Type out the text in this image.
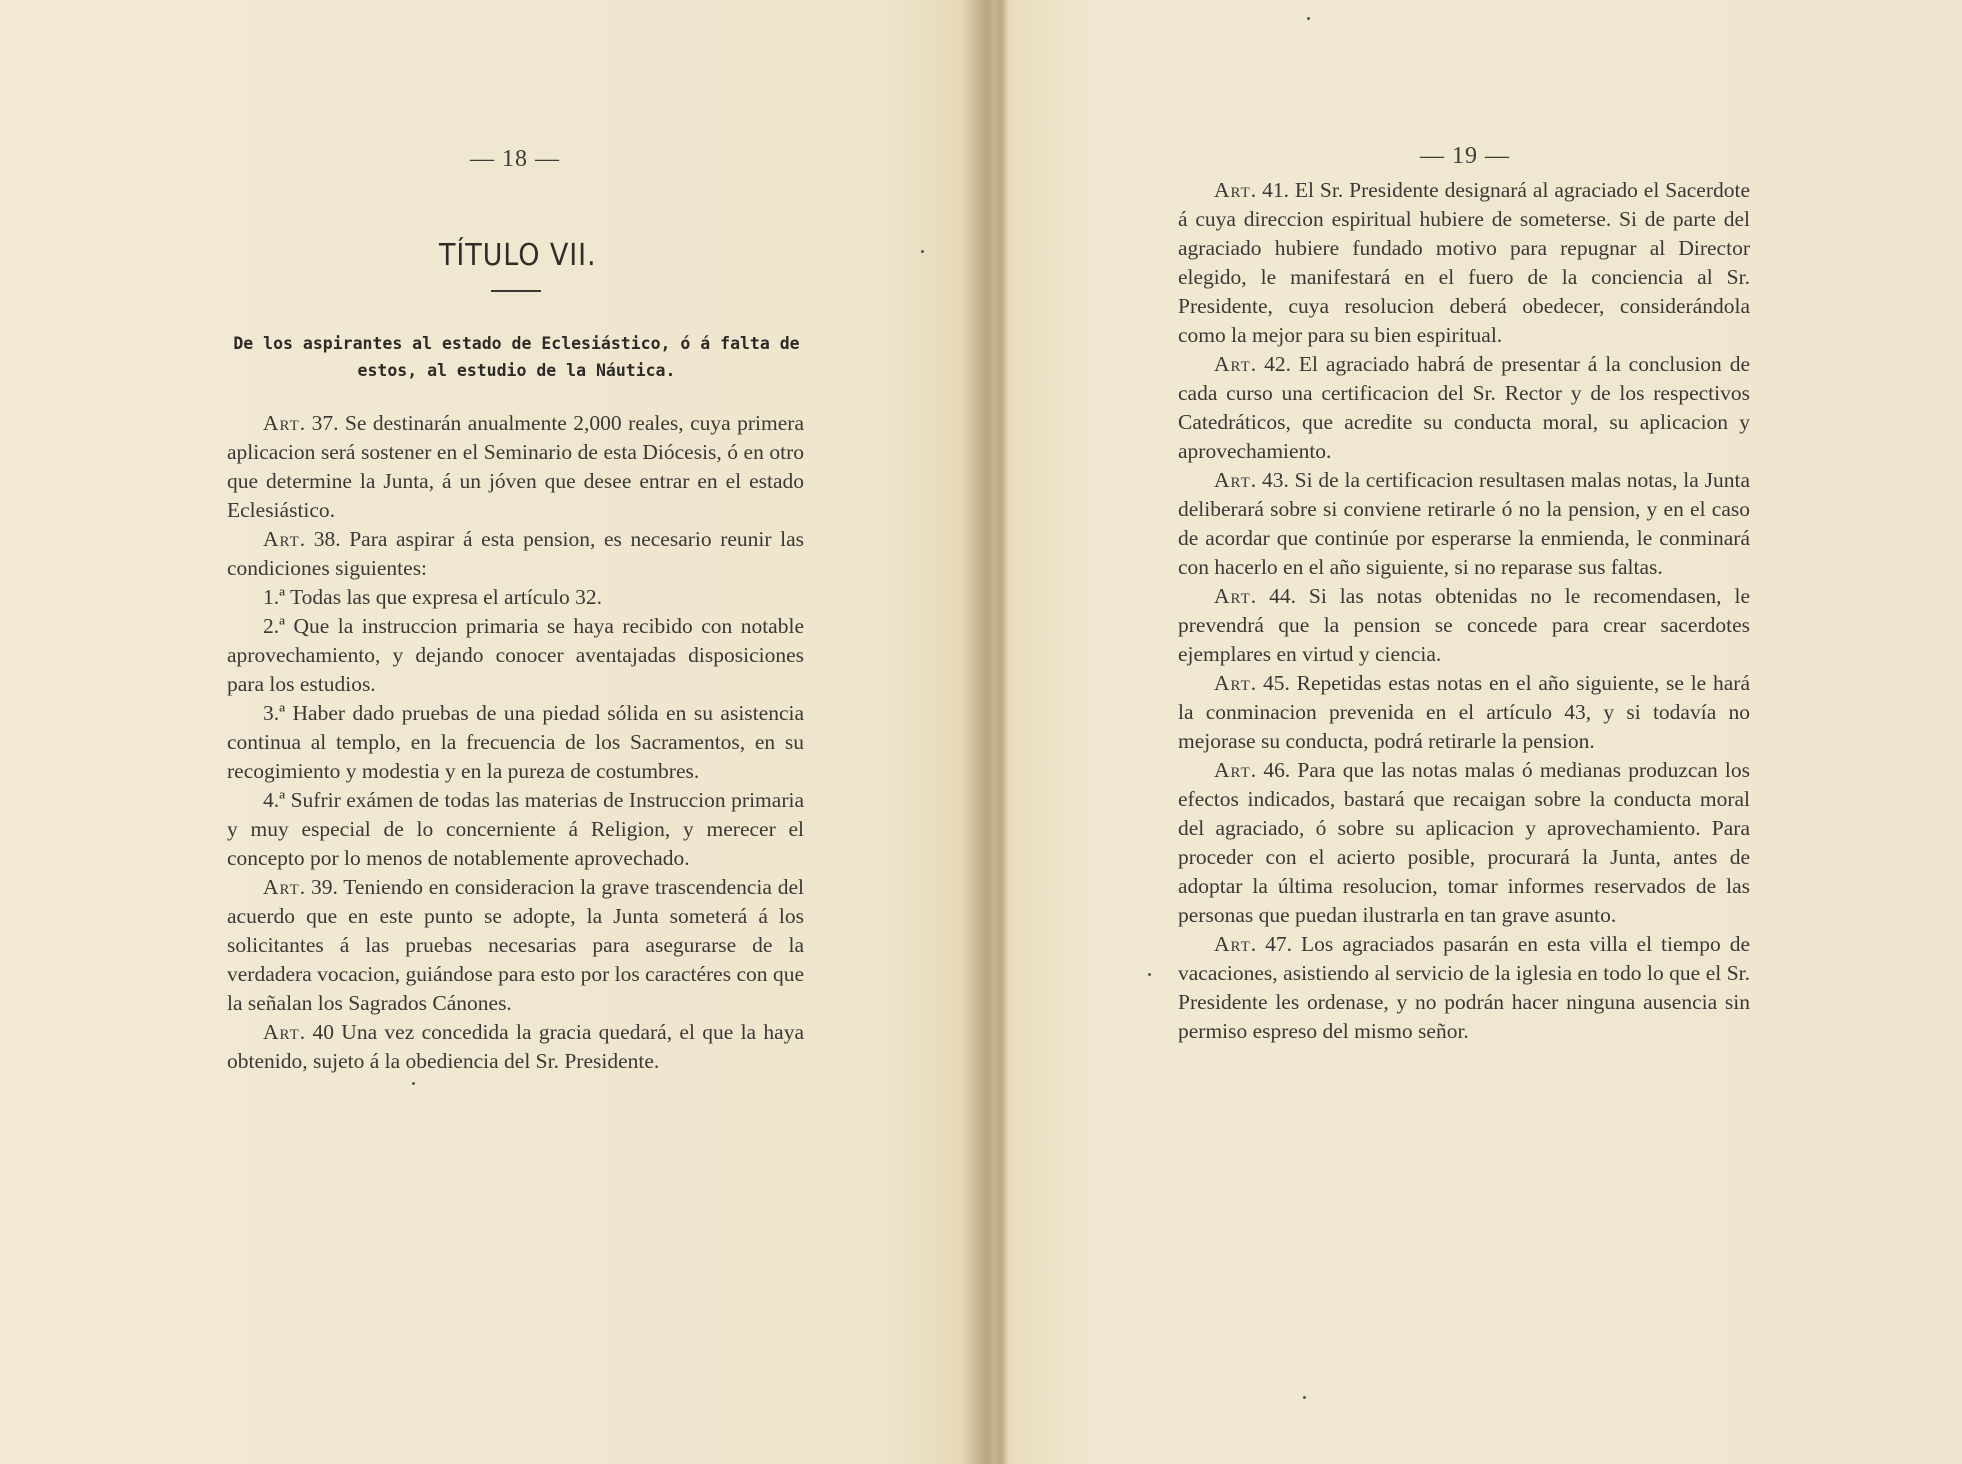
— 18 —
TÍTULO VII.
De los aspirantes al estado de Eclesiástico, ó á falta de estos, al estudio de la Náutica.

Art. 37. Se destinarán anualmente 2,000 reales, cuya primera aplicacion será sostener en el Seminario de esta Diócesis, ó en otro que determine la Junta, á un jóven que desee entrar en el estado Eclesiástico.

Art. 38. Para aspirar á esta pension, es necesario reunir las condiciones siguientes:

1.ª Todas las que expresa el artículo 32.

2.ª Que la instruccion primaria se haya recibido con notable aprovechamiento, y dejando conocer aventajadas disposiciones para los estudios.

3.ª Haber dado pruebas de una piedad sólida en su asistencia continua al templo, en la frecuencia de los Sacramentos, en su recogimiento y modestia y en la pureza de costumbres.

4.ª Sufrir exámen de todas las materias de Instruccion primaria y muy especial de lo concerniente á Religion, y merecer el concepto por lo menos de notablemente aprovechado.

Art. 39. Teniendo en consideracion la grave trascendencia del acuerdo que en este punto se adopte, la Junta someterá á los solicitantes á las pruebas necesarias para asegurarse de la verdadera vocacion, guiándose para esto por los caractéres con que la señalan los Sagrados Cánones.

Art. 40 Una vez concedida la gracia quedará, el que la haya obtenido, sujeto á la obediencia del Sr. Presidente.

— 19 —

Art. 41. El Sr. Presidente designará al agraciado el Sacerdote á cuya direccion espiritual hubiere de someterse. Si de parte del agraciado hubiere fundado motivo para repugnar al Director elegido, le manifestará en el fuero de la conciencia al Sr. Presidente, cuya resolucion deberá obedecer, considerándola como la mejor para su bien espiritual.

Art. 42. El agraciado habrá de presentar á la conclusion de cada curso una certificacion del Sr. Rector y de los respectivos Catedráticos, que acredite su conducta moral, su aplicacion y aprovechamiento.

Art. 43. Si de la certificacion resultasen malas notas, la Junta deliberará sobre si conviene retirarle ó no la pension, y en el caso de acordar que continúe por esperarse la enmienda, le conminará con hacerlo en el año siguiente, si no reparase sus faltas.

Art. 44. Si las notas obtenidas no le recomendasen, le prevendrá que la pension se concede para crear sacerdotes ejemplares en virtud y ciencia.

Art. 45. Repetidas estas notas en el año siguiente, se le hará la conminacion prevenida en el artículo 43, y si todavía no mejorase su conducta, podrá retirarle la pension.

Art. 46. Para que las notas malas ó medianas produzcan los efectos indicados, bastará que recaigan sobre la conducta moral del agraciado, ó sobre su aplicacion y aprovechamiento. Para proceder con el acierto posible, procurará la Junta, antes de adoptar la última resolucion, tomar informes reservados de las personas que puedan ilustrarla en tan grave asunto.

Art. 47. Los agraciados pasarán en esta villa el tiempo de vacaciones, asistiendo al servicio de la iglesia en todo lo que el Sr. Presidente les ordenase, y no podrán hacer ninguna ausencia sin permiso espreso del mismo señor.
